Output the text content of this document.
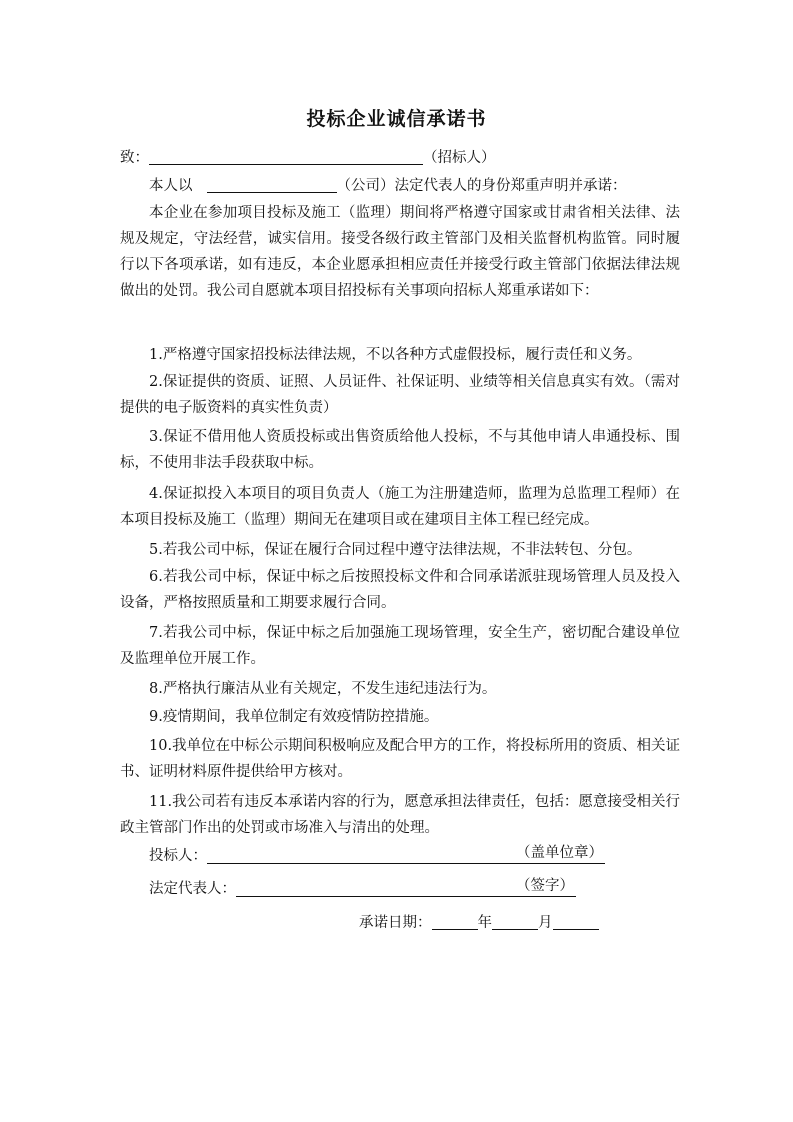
投标企业诚信承诺书
致：	（招标人）
本人以	（公司）法定代表人的身份郑重声明并承诺：
本企业在参加项目投标及施工（监理）期间将严格遵守国家或甘肃省相关法律、法规及规定，守法经营，诚实信用。接受各级行政主管部门及相关监督机构监管。同时履行以下各项承诺，如有违反，本企业愿承担相应责任并接受行政主管部门依据法律法规做出的处罚。我公司自愿就本项目招投标有关事项向招标人郑重承诺如下：
1.严格遵守国家招投标法律法规，不以各种方式虚假投标，履行责任和义务。
2.保证提供的资质、证照、人员证件、社保证明、业绩等相关信息真实有效。（需对提供的电子版资料的真实性负责）
3.保证不借用他人资质投标或出售资质给他人投标，不与其他申请人串通投标、围标，不使用非法手段获取中标。
4.保证拟投入本项目的项目负责人（施工为注册建造师，监理为总监理工程师）在本项目投标及施工（监理）期间无在建项目或在建项目主体工程已经完成。
5.若我公司中标，保证在履行合同过程中遵守法律法规，不非法转包、分包。
6.若我公司中标，保证中标之后按照投标文件和合同承诺派驻现场管理人员及投入设备，严格按照质量和工期要求履行合同。
7.若我公司中标，保证中标之后加强施工现场管理，安全生产，密切配合建设单位及监理单位开展工作。
8.严格执行廉洁从业有关规定，不发生违纪违法行为。
9.疫情期间，我单位制定有效疫情防控措施。
10.我单位在中标公示期间积极响应及配合甲方的工作，将投标所用的资质、相关证书、证明材料原件提供给甲方核对。
11.我公司若有违反本承诺内容的行为，愿意承担法律责任，包括：愿意接受相关行政主管部门作出的处罚或市场准入与清出的处理。
投标人：	（盖单位章）
法定代表人：	（签字）
承诺日期：	年	月
